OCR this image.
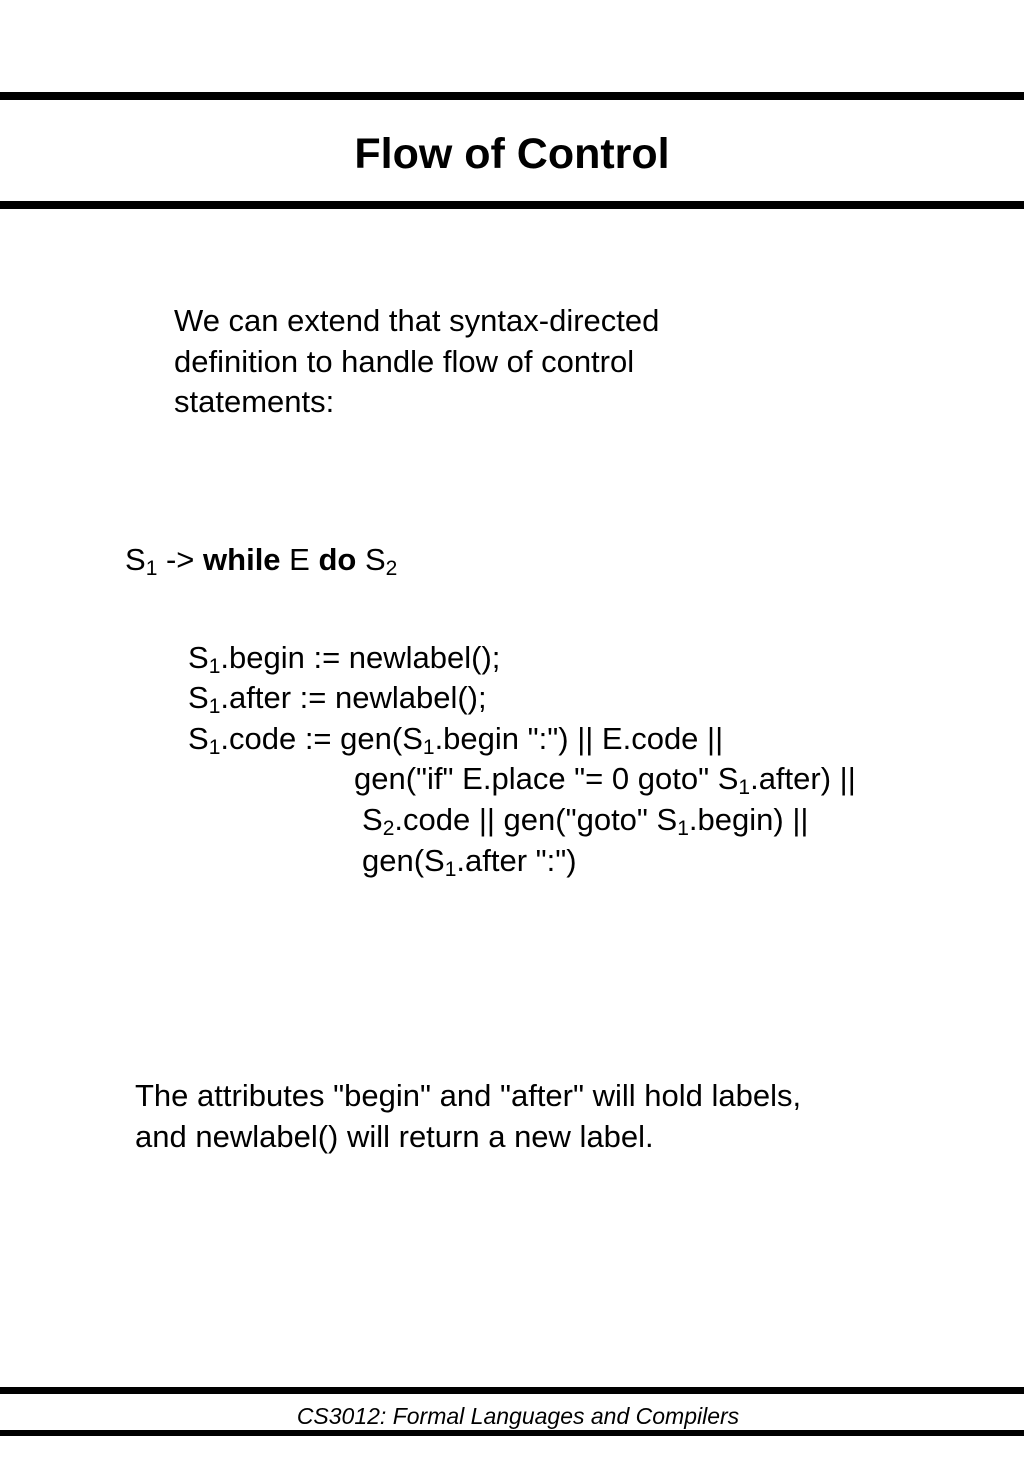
Flow of Control
We can extend that syntax-directed
definition to handle flow of control
statements:
$S_1$ -> while E do $S_2$
$S_1.begin$ := newlabel();
$S_1.after$ := newlabel();
$S_1.code$ := $gen(S_1.begin$ ":") || E.code ||
gen("if" E.place "= 0 goto" $S_1.after$) ||
$S_2.code$ || gen("goto" $S_1.begin$) ||
$gen(S_1.after$ ":")
The attributes "begin" and "after" will hold labels,
and newlabel() will return a new label.
CS3012: Formal Languages and Compilers
